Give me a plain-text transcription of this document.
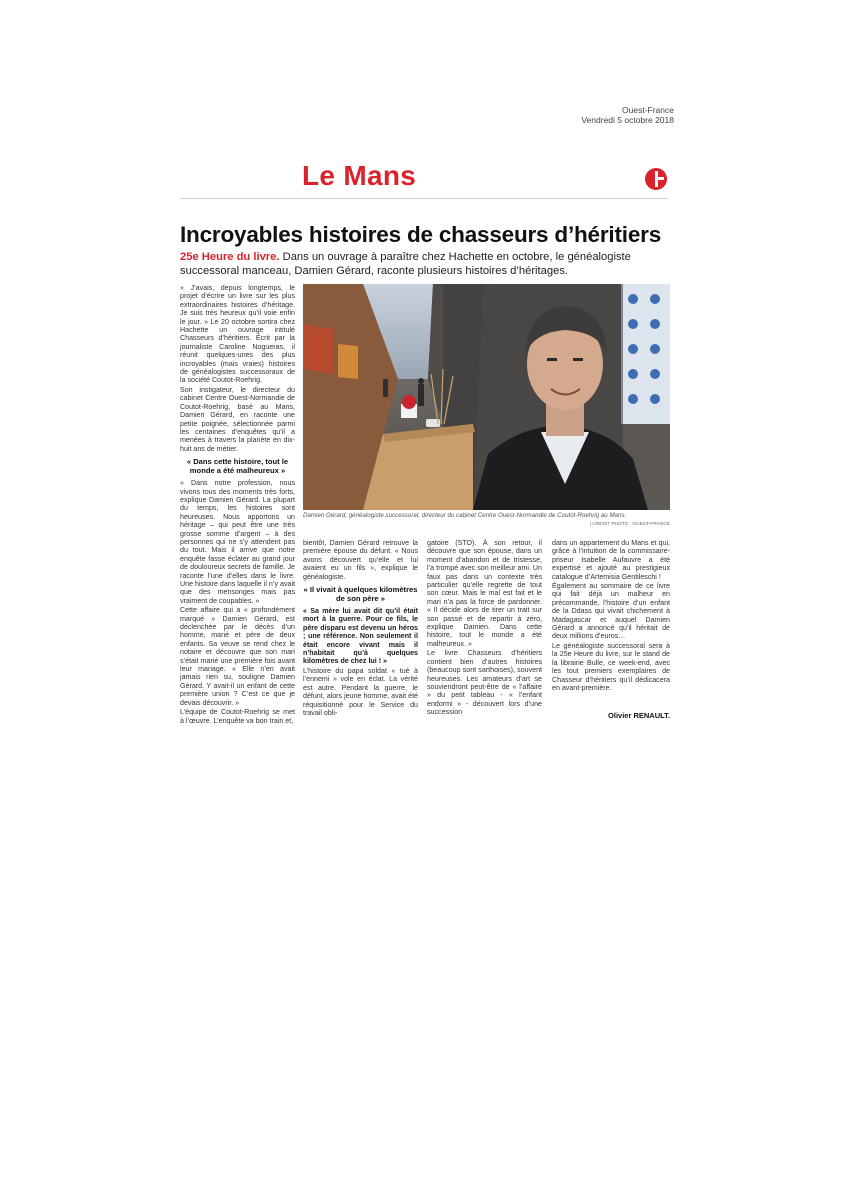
Ouest-France
Vendredi 5 octobre 2018
Le Mans
Incroyables histoires de chasseurs d’héritiers
25e Heure du livre. Dans un ouvrage à paraître chez Hachette en octobre, le généalogiste successoral manceau, Damien Gérard, raconte plusieurs histoires d’héritages.

« J’avais, depuis longtemps, le projet d’écrire un livre sur les plus extraordinaires histoires d’héritage. Je suis très heureux qu’il voie enfin le jour. » Le 20 octobre sortira chez Hachette un ouvrage intitulé Chasseurs d’héritiers. Écrit par la journaliste Caroline Nogueras, il réunit quelques-unes des plus incroyables (mais vraies) histoires de généalogistes successoraux de la société Coutot-Roehrig.

Son instigateur, le directeur du cabinet Centre Ouest-Normandie de Coutot-Roehrig, basé au Mans, Damien Gérard, en raconte une petite poignée, sélectionnée parmi les centaines d’enquêtes qu’il a menées à travers la planète en dix-huit ans de métier.

« Dans cette histoire, tout le monde a été malheureux »

« Dans notre profession, nous vivons tous des moments très forts, explique Damien Gérard. La plupart du temps, les histoires sont heureuses. Nous apportons un héritage – qui peut être une très grosse somme d’argent – à des personnes qui ne s’y attendent pas du tout. Mais il arrive que notre enquête fasse éclater au grand jour de douloureux secrets de famille. Je raconte l’une d’elles dans le livre. Une histoire dans laquelle il n’y avait que des mensonges mais pas vraiment de coupables. »

Cette affaire qui a « profondément marqué » Damien Gérard, est déclenchée par le décès d’un homme, marié et père de deux enfants. Sa veuve se rend chez le notaire et découvre que son mari s’était marié une première fois avant leur mariage. « Elle n’en avait jamais rien su, souligne Damien Gérard. Y avait-il un enfant de cette première union ? C’est ce que je devais découvrir. »

L’équipe de Coutot-Roehrig se met à l’œuvre. L’enquête va bon train et,

Damien Gérard, généalogiste successoral, directeur du cabinet Centre Ouest-Normandie de Coutot-Roehrig au Mans.
| CRÉDIT PHOTO : OUEST-FRANCE

bientôt, Damien Gérard retrouve la première épouse du défunt. « Nous avons découvert qu’elle et lui avaient eu un fils », explique le généalogiste.

« Il vivait à quelques kilomètres de son père »

« Sa mère lui avait dit qu’il était mort à la guerre. Pour ce fils, le père disparu est devenu un héros ; une référence. Non seulement il était encore vivant mais il n’habitait qu’à quelques kilomètres de chez lui ! »

L’histoire du papa soldat « tué à l’ennemi » vole en éclat. La vérité est autre. Pendant la guerre, le défunt, alors jeune homme, avait été réquisitionné pour le Service du travail obli-

gatoire (STO). À son retour, il découvre que son épouse, dans un moment d’abandon et de tristesse, l’a trompé avec son meilleur ami. Un faux pas dans un contexte très particulier qu’elle regrette de tout son cœur. Mais le mal est fait et le mari n’a pas la force de pardonner. « Il décide alors de tirer un trait sur son passé et de repartir à zéro, explique Damien. Dans cette histoire, tout le monde a été malheureux. »

Le livre Chasseurs d’héritiers contient bien d’autres histoires (beaucoup sont sarthoises), souvent heureuses. Les amateurs d’art se souviendront peut-être de « l’affaire » du petit tableau - « l’enfant endormi » - découvert lors d’une succession

dans un appartement du Mans et qui, grâce à l’intuition de la commissaire-priseur Isabelle Aufauvre a été expertisé et ajouté au prestigieux catalogue d’Artemisia Gentileschi !

Également au sommaire de ce livre qui fait déjà un malheur en précommande, l’histoire d’un enfant de la Ddass qui vivait chichement à Madagascar et auquel Damien Gérard a annoncé qu’il héritait de deux millions d’euros…

Le généalogiste successoral sera à la 25e Heure du livre, sur le stand de la librairie Bulle, ce week-end, avec les tout premiers exemplaires de Chasseur d’héritiers qu’il dédicacera en avant-première.

Olivier RENAULT.
